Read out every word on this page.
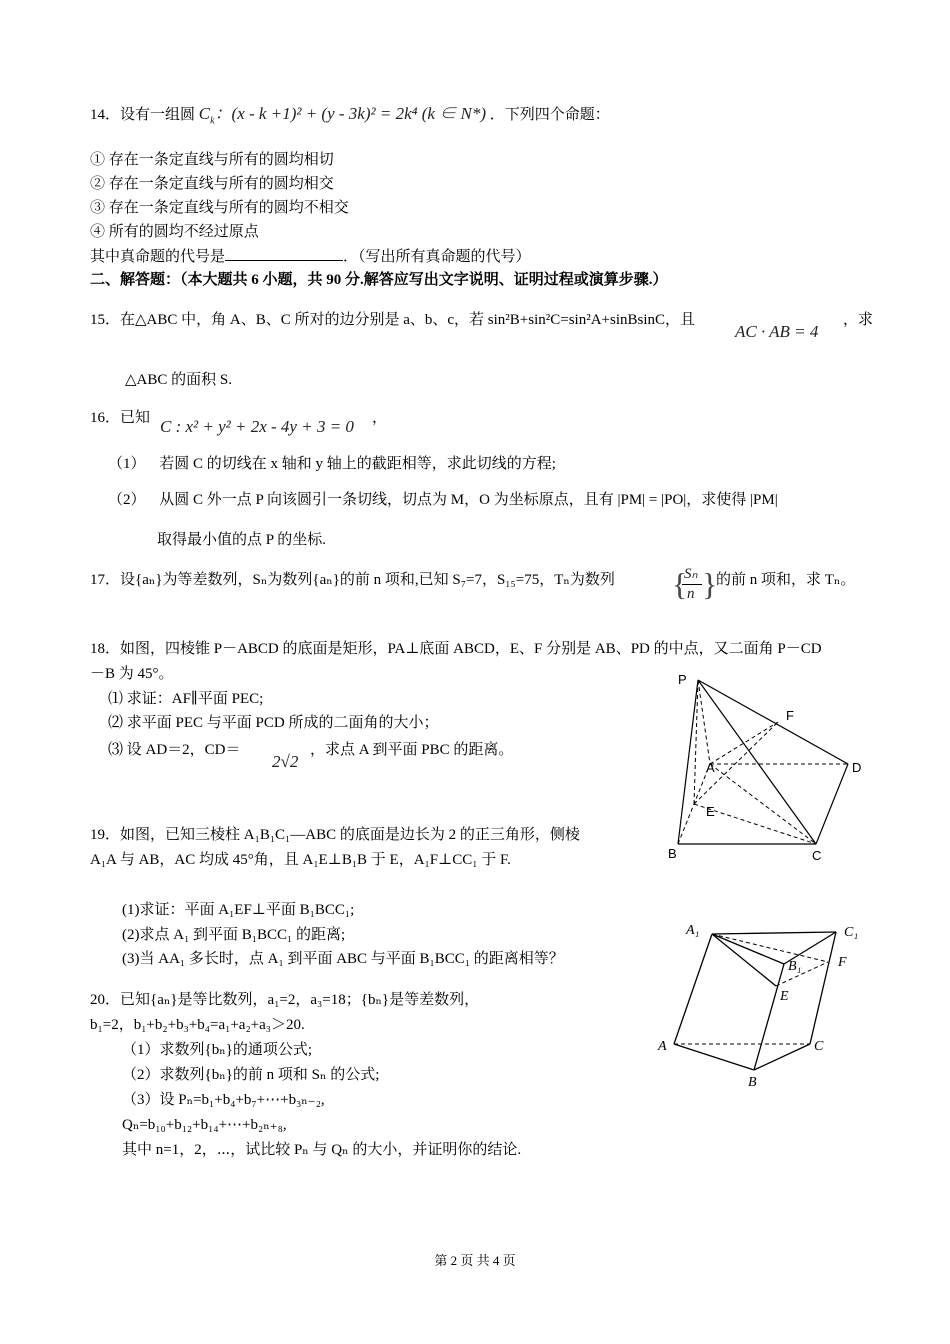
14．设有一组圆 $C_k$：(x - k +1)² + (y - 3k)² = 2k⁴ (k ∈ N*) ．下列四个命题：
① 存在一条定直线与所有的圆均相切
② 存在一条定直线与所有的圆均相交
③ 存在一条定直线与所有的圆均不相交
④ 所有的圆均不经过原点
其中真命题的代号是	．（写出所有真命题的代号）
二、解答题：（本大题共 6 小题，共 90 分.解答应写出文字说明、证明过程或演算步骤.）
15．在△ABC 中，角 A、B、C 所对的边分别是 a、b、c，若 sin²B+sin²C=sin²A+sinBsinC，且
AC · AB = 4
，求
△ABC 的面积 S.
16．已知 C : x² + y² + 2x - 4y + 3 = 0 ，
（1） 若圆 C 的切线在 x 轴和 y 轴上的截距相等，求此切线的方程;
（2） 从圆 C 外一点 P 向该圆引一条切线，切点为 M，O 为坐标原点，且有 |PM| = |PO|，求使得 |PM|
取得最小值的点 P 的坐标.
17．设{aₙ}为等差数列，Sₙ为数列{aₙ}的前 n 项和,已知 S₇=7，S₁₅=75，Tₙ为数列 {
Sₙ
n }
的前 n 项和，求 Tₙ。
18．如图，四棱锥 P－ABCD 的底面是矩形，PA⊥底面 ABCD，E、F 分别是 AB、PD 的中点，又二面角 P－CD
－B 为 45°。
⑴ 求证：AF∥平面 PEC;
⑵ 求平面 PEC 与平面 PCD 所成的二面角的大小；
⑶ 设 AD＝2，CD＝
2√2
，求点 A 到平面 PBC 的距离。
P
F
A	D
E
B	C
19．如图，已知三棱柱 A₁B₁C₁—ABC 的底面是边长为 2 的正三角形，侧棱
A₁A 与 AB，AC 均成 45°角，且 A₁E⊥B₁B 于 E，A₁F⊥CC₁ 于 F.
(1)求证：平面 A₁EF⊥平面 B₁BCC₁;
(2)求点 A₁ 到平面 B₁BCC₁ 的距离;
(3)当 AA₁ 多长时，点 A₁ 到平面 ABC 与平面 B₁BCC₁ 的距离相等？
A₁	C₁
B₁	F
E
A	C
B
20．已知{aₙ}是等比数列，a₁=2，a₃=18；{bₙ}是等差数列，
b₁=2，b₁+b₂+b₃+b₄=a₁+a₂+a₃＞20.
（1）求数列{bₙ}的通项公式;
（2）求数列{bₙ}的前 n 项和 Sₙ 的公式;
（3）设 Pₙ=b₁+b₄+b₇+⋯+b₃ₙ₋₂,
Qₙ=b₁₀+b₁₂+b₁₄+⋯+b₂ₙ₊₈,
其中 n=1，2，⋯，试比较 Pₙ 与 Qₙ 的大小，并证明你的结论.
第 2 页 共 4 页
